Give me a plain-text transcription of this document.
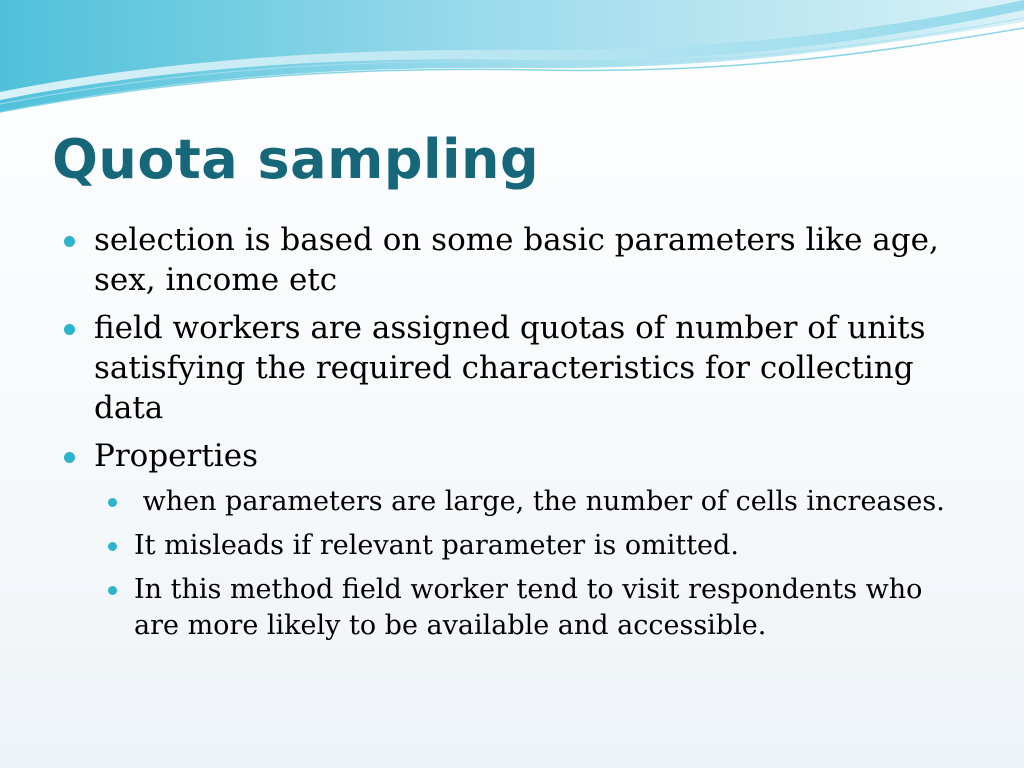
Quota sampling
selection is based on some basic parameters like age, sex, income etc
field workers are assigned quotas of number of units satisfying the required characteristics for collecting data
Properties
when parameters are large, the number of cells increases.
It misleads if relevant parameter is omitted.
In this method field worker tend to visit respondents who are more likely to be available and accessible.
